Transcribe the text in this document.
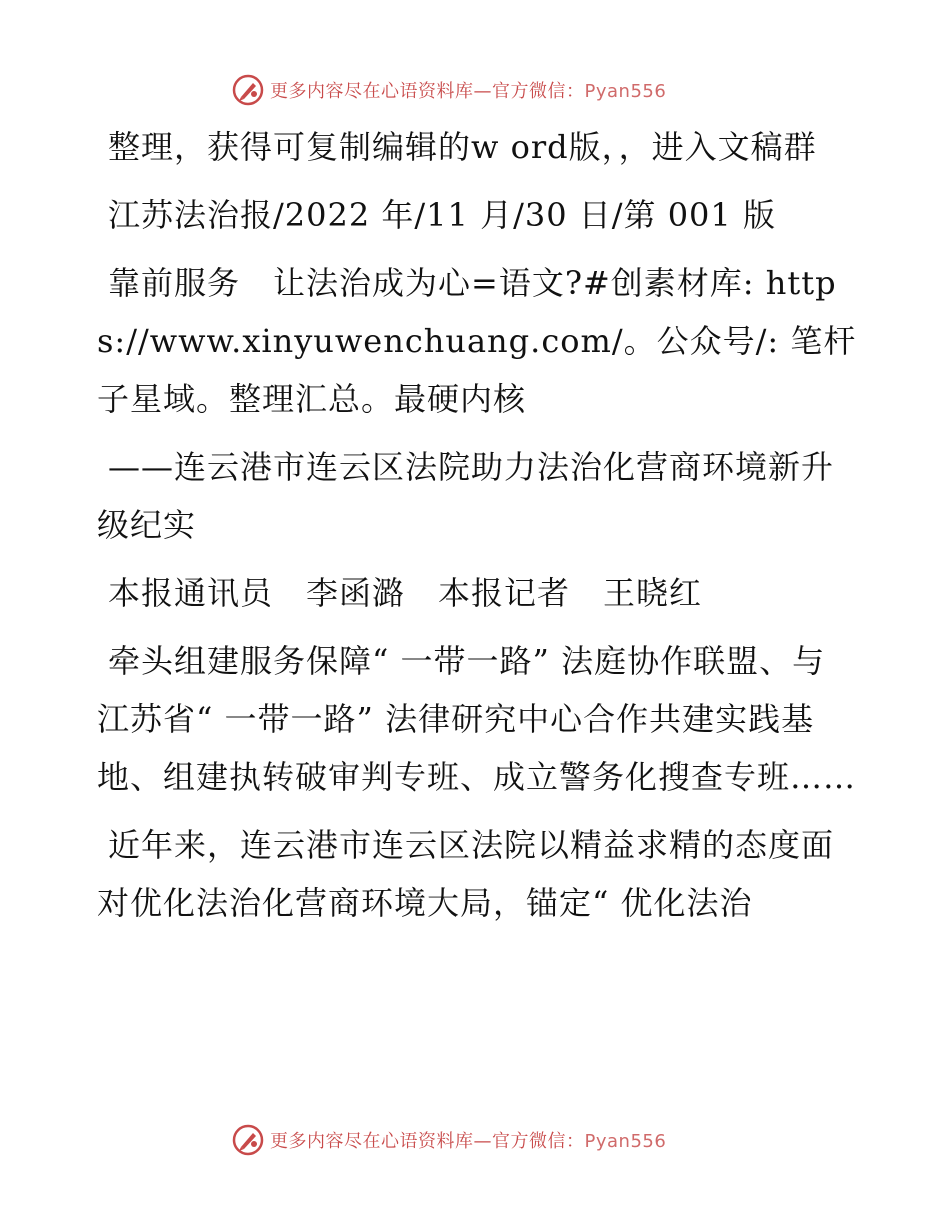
更多内容尽在心语资料库—官方微信：Pyan556

整理，获得可复制编辑的w ord版，，进入文稿群

江苏法治报/2022 年/11 月/30 日/第 001 版

靠前服务　让法治成为心=语文?#创素材库: https://www.xinyuwenchuang.com/。公众号/: 笔杆子星域。整理汇总。最硬内核

——连云港市连云区法院助力法治化营商环境新升级纪实

本报通讯员　李函潞　本报记者　王晓红

牵头组建服务保障“ 一带一路” 法庭协作联盟、与江苏省“ 一带一路” 法律研究中心合作共建实践基地、组建执转破审判专班、成立警务化搜查专班……

近年来，连云港市连云区法院以精益求精的态度面对优化法治化营商环境大局，锚定“ 优化法治

更多内容尽在心语资料库—官方微信：Pyan556
